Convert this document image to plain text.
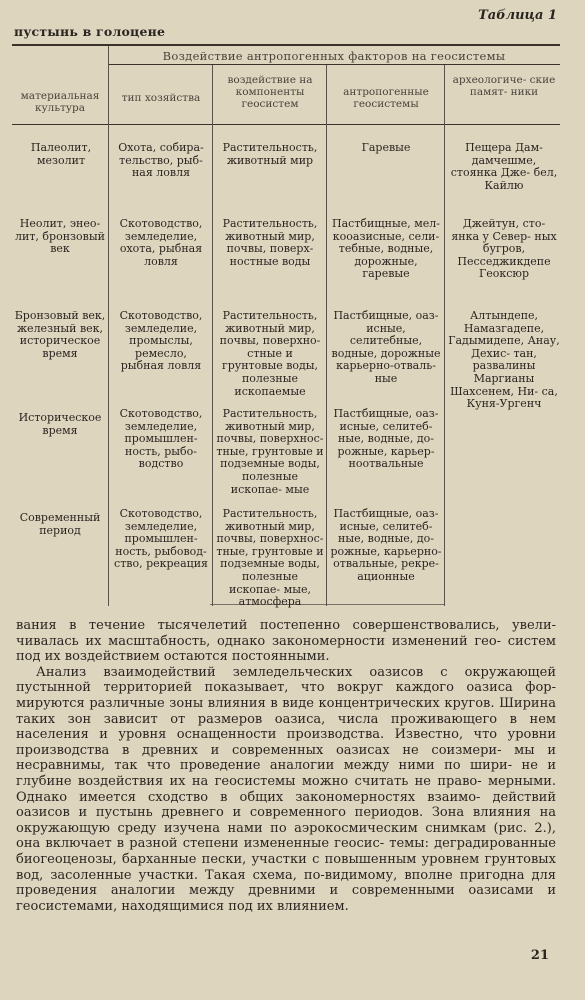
Таблица 1
пустынь в голоцене
Воздействие антропогенных факторов на геосистемы
материальная культура
тип хозяйства
воздействие на компоненты геосистем
антропогенные геосистемы
археологиче- ские памят- ники
Палеолит, мезолит
Охота, собира- тельство, рыб- ная ловля
Растительность, животный мир
Гаревые	Пещера Дам- дамчешме, стоянка Дже- бел, Кайлю
Неолит, энео- лит, бронзовый век
Скотоводство, земледелие, охота, рыбная ловля
Растительность, животный мир, почвы, поверх- ностные воды
Пастбищные, мел- кооазисные, сели- тебные, водные, дорожные, гаревые
Джейтун, сто- янка у Север- ных бугров, Песседжикдепе Геоксюр
Бронзовый век, железный век, историческое время
Скотоводство, земледелие, промыслы, ремесло, рыбная ловля
Растительность, животный мир, почвы, поверхно- стные и грунтовые воды, полезные ископаемые
Пастбищные, оаз- исные, селитебные, водные, дорожные карьерно-отваль- ные
Алтындепе, Намазгадепе, Гадымидепе, Анау, Дехис- тан, развалины Маргианы Шахсенем, Ни- са, Куня-Ургенч
Историческое время
Скотоводство, земледелие, промышлен- ность, рыбо- водство
Растительность, животный мир, почвы, поверхнос- тные, грунтовые и подземные воды, полезные ископае- мые
Пастбищные, оаз- исные, селитеб- ные, водные, до- рожные, карьер- ноотвальные
Современный период
Скотоводство, земледелие, промышлен- ность, рыбовод- ство, рекреация
Растительность, животный мир, почвы, поверхнос- тные, грунтовые и подземные воды, полезные ископае- мые, атмосфера
Пастбищные, оаз- исные, селитеб- ные, водные, до- рожные, карьерно- отвальные, рекре- ационные

вания в течение тысячелетий постепенно совершенствовались, увели- чивалась их масштабность, однако закономерности изменений гео- систем под их воздействием остаются постоянными.

Анализ взаимодействий земледельческих оазисов с окружающей пустынной территорией показывает, что вокруг каждого оазиса фор- мируются различные зоны влияния в виде концентрических кругов. Ширина таких зон зависит от размеров оазиса, числа проживающего в нем населения и уровня оснащенности производства. Известно, что уровни производства в древних и современных оазисах не соизмери- мы и несравнимы, так что проведение аналогии между ними по шири- не и глубине воздействия их на геосистемы можно считать не право- мерными. Однако имеется сходство в общих закономерностях взаимо- действий оазисов и пустынь древнего и современного периодов. Зона влияния на окружающую среду изучена нами по аэрокосмическим снимкам (рис. 2.), она включает в разной степени измененные геосис- темы: деградированные биогеоценозы, барханные пески, участки с повышенным уровнем грунтовых вод, засоленные участки. Такая схема, по-видимому, вполне пригодна для проведения аналогии между древними и современными оазисами и геосистемами, находящимися под их влиянием.

21
